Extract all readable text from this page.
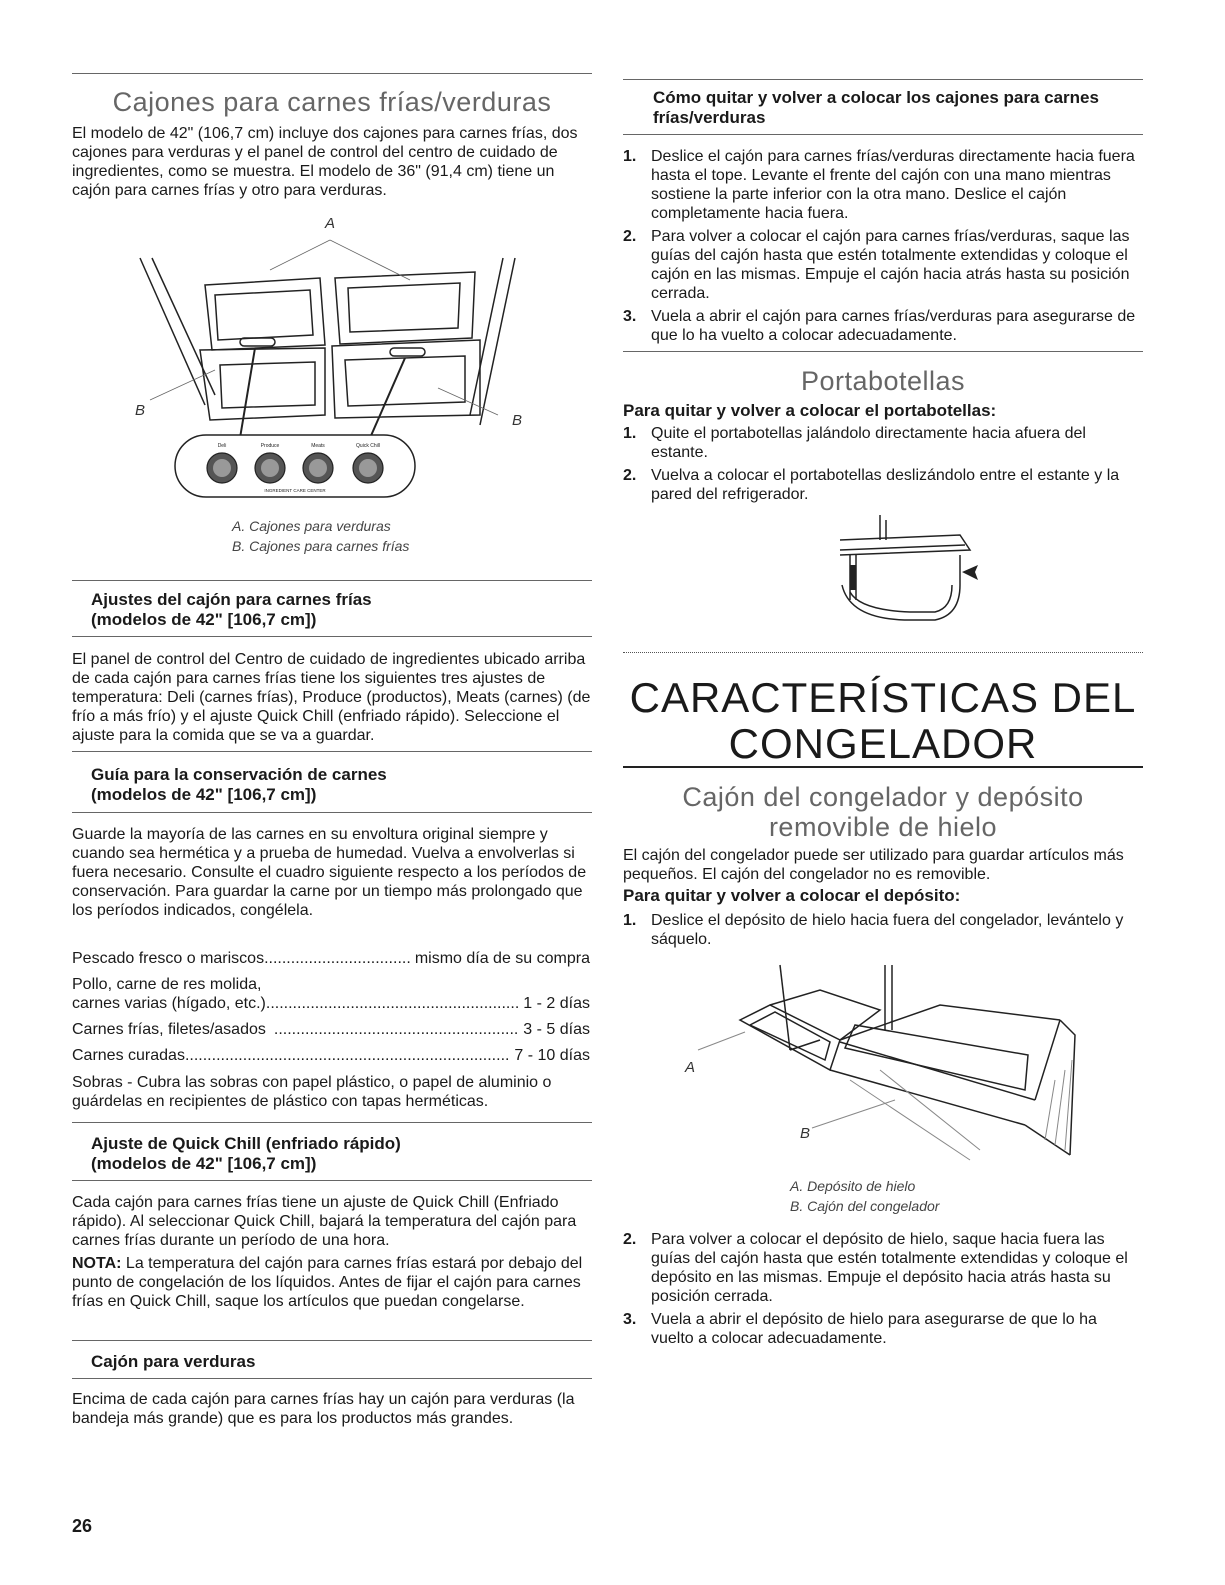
Cajones para carnes frías/verduras

El modelo de 42" (106,7 cm) incluye dos cajones para carnes frías, dos cajones para verduras y el panel de control del centro de cuidado de ingredientes, como se muestra. El modelo de 36" (91,4 cm) tiene un cajón para carnes frías y otro para verduras.

Deli	Produce	Meats	Quick Chill
INGREDIENT CARE CENTER
A
B
B
A. Cajones para verduras
B. Cajones para carnes frías
Ajustes del cajón para carnes frías
(modelos de 42" [106,7 cm])

El panel de control del Centro de cuidado de ingredientes ubicado arriba de cada cajón para carnes frías tiene los siguientes tres ajustes de temperatura: Deli (carnes frías), Produce (productos), Meats (carnes) (de frío a más frío) y el ajuste Quick Chill (enfriado rápido). Seleccione el ajuste para la comida que se va a guardar.

Guía para la conservación de carnes
(modelos de 42" [106,7 cm])

Guarde la mayoría de las carnes en su envoltura original siempre y cuando sea hermética y a prueba de humedad. Vuelva a envolverlas si fuera necesario. Consulte el cuadro siguiente respecto a los períodos de conservación. Para guardar la carne por un tiempo más prolongado que los períodos indicados, congélela.

Pescado fresco o mariscos .....	mismo día de su compra
Pollo, carne de res molida,
carnes varias (hígado, etc.) .....	1 - 2 días
Carnes frías, filetes/asados .....	3 - 5 días
Carnes curadas .....	7 - 10 días

Sobras - Cubra las sobras con papel plástico, o papel de aluminio o guárdelas en recipientes de plástico con tapas herméticas.

Ajuste de Quick Chill (enfriado rápido)
(modelos de 42" [106,7 cm])

Cada cajón para carnes frías tiene un ajuste de Quick Chill (Enfriado rápido). Al seleccionar Quick Chill, bajará la temperatura del cajón para carnes frías durante un período de una hora.

NOTA: La temperatura del cajón para carnes frías estará por debajo del punto de congelación de los líquidos. Antes de fijar el cajón para carnes frías en Quick Chill, saque los artículos que puedan congelarse.

Cajón para verduras

Encima de cada cajón para carnes frías hay un cajón para verduras (la bandeja más grande) que es para los productos más grandes.

26
Cómo quitar y volver a colocar los cajones para carnes
frías/verduras
1. Deslice el cajón para carnes frías/verduras directamente hacia fuera hasta el tope. Levante el frente del cajón con una mano mientras sostiene la parte inferior con la otra mano. Deslice el cajón completamente hacia fuera.
2. Para volver a colocar el cajón para carnes frías/verduras, saque las guías del cajón hasta que estén totalmente extendidas y coloque el cajón en las mismas. Empuje el cajón hacia atrás hasta su posición cerrada.
3. Vuela a abrir el cajón para carnes frías/verduras para asegurarse de que lo ha vuelto a colocar adecuadamente.
Portabotellas
Para quitar y volver a colocar el portabotellas:
1. Quite el portabotellas jalándolo directamente hacia afuera del estante.
2. Vuelva a colocar el portabotellas deslizándolo entre el estante y la pared del refrigerador.
CARACTERÍSTICAS DEL
CONGELADOR
Cajón del congelador y depósito
removible de hielo

El cajón del congelador puede ser utilizado para guardar artículos más pequeños. El cajón del congelador no es removible.

Para quitar y volver a colocar el depósito:
1. Deslice el depósito de hielo hacia fuera del congelador, levántelo y sáquelo.
A
B
A. Depósito de hielo
B. Cajón del congelador
2. Para volver a colocar el depósito de hielo, saque hacia fuera las guías del cajón hasta que estén totalmente extendidas y coloque el depósito en las mismas. Empuje el depósito hacia atrás hasta su posición cerrada.
3. Vuela a abrir el depósito de hielo para asegurarse de que lo ha vuelto a colocar adecuadamente.
